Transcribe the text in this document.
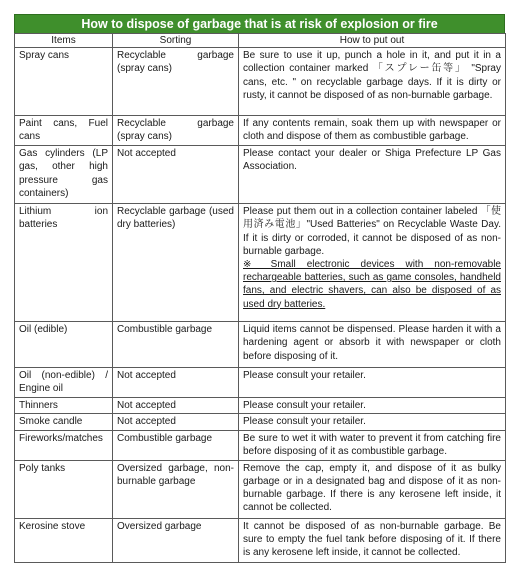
How to dispose of garbage that is at risk of explosion or fire
Items	Sorting	How to put out
Spray cans	Recyclable garbage (spray cans)	Be sure to use it up, punch a hole in it, and put it in a collection container marked 「スプレー缶等」 "Spray cans, etc. " on recyclable garbage days. If it is dirty or rusty, it cannot be disposed of as non-burnable garbage.
Paint cans, Fuel cans	Recyclable garbage (spray cans)	If any contents remain, soak them up with newspaper or cloth and dispose of them as combustible garbage.
Gas cylinders (LP gas, other high pressure gas containers)	Not accepted	Please contact your dealer or Shiga Prefecture LP Gas Association.
Lithium ion batteries	Recyclable garbage (used dry batteries)	Please put them out in a collection container labeled 「使用済み電池」"Used Batteries" on Recyclable Waste Day. If it is dirty or corroded, it cannot be disposed of as non-burnable garbage.
※ Small electronic devices with non-removable rechargeable batteries, such as game consoles, handheld fans, and electric shavers, can also be disposed of as used dry batteries.
Oil (edible)	Combustible garbage	Liquid items cannot be dispensed. Please harden it with a hardening agent or absorb it with newspaper or cloth before disposing of it.
Oil (non-edible) / Engine oil	Not accepted	Please consult your retailer.
Thinners	Not accepted	Please consult your retailer.
Smoke candle	Not accepted	Please consult your retailer.
Fireworks/matches	Combustible garbage	Be sure to wet it with water to prevent it from catching fire before disposing of it as combustible garbage.
Poly tanks	Oversized garbage, non-burnable garbage	Remove the cap, empty it, and dispose of it as bulky garbage or in a designated bag and dispose of it as non-burnable garbage. If there is any kerosene left inside, it cannot be collected.
Kerosine stove	Oversized garbage	It cannot be disposed of as non-burnable garbage. Be sure to empty the fuel tank before disposing of it. If there is any kerosene left inside, it cannot be collected.
